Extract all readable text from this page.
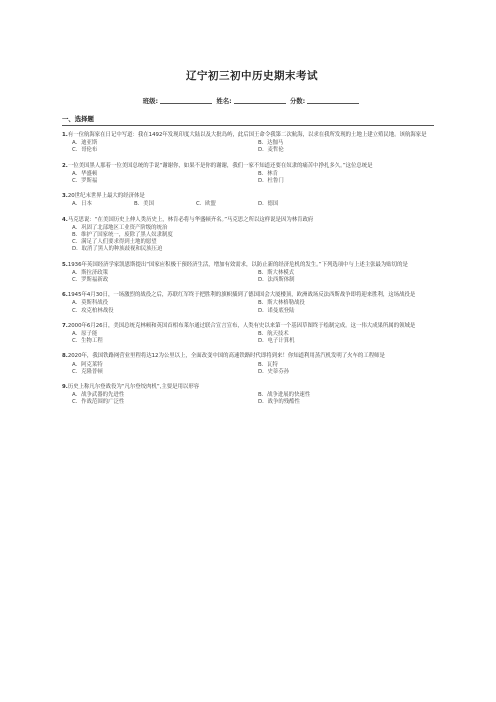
辽宁初三初中历史期末考试
班级:	姓名:	分数:
一、选择题
1.有一位航海家在日记中写道：我在1492年发现印度大陆以及大批岛屿，此后国王命令我第二次航海，以求在我所发现的土地上建立殖民地。该航海家是
A．迪亚斯	B．达伽马
C．哥伦布	D．麦哲伦
2.一位美国黑人那着一位美国总统的手说“谢谢你，如果不是你的谢谢，我们一家不知道还要在奴隶的痛苦中挣扎多久。”这位总统是
A．华盛顿	B．林肯
C．罗斯福	D．杜鲁门
3.20世纪末世界上最大的经济体是
A．日本	B．美国	C．欧盟	D．德国
4.马克思说：“在美国历史上伸人类历史上，林肯必将与华盛顿齐名。”马克思之所以这样说是因为林肯政府
A．巩固了北部地区工业资产阶级的统治
B．维护了国家统一，废除了黑人奴隶制度
C．满足了人们要求得到土地的愿望
D．取消了黑人的种族歧视和民族压迫
5.1936年英国经济学家凯恩斯提出“国家应积极干预经济生活，增加有效需求，以防止新的经济危机的发生。”下列选项中与上述主张最为贴切的是
A．斯拉济政策	B．斯大林模式
C．罗斯福新政	D．法西斯体制
6.1945年4月30日，一场激烈的战役之后，苏联红军终于把胜利的旗帜插到了德国国会大厦楼顶，欧洲战场反法西斯战争即将迎来胜利，这场战役是
A．莫斯科战役	B．斯大林格勒战役
C．攻克柏林战役	D．诺曼底登陆
7.2000年6月26日，美国总统克林顿和英国首相布莱尔通过联合宣言宣布，人类有史以来第一个基因草图终于绘制完成。这一伟大成果所属的领域是
A．原子能	B．航天技术
C．生物工程	D．电子计算机
8.2020年，我国铁路网营业里程将达12为公里以上，全面改变中国的高速铁路时代即将到来！你知道利用蒸汽机发明了火车的工程师是
A．阿克莱特	B．瓦特
C．克隆普顿	D．史蒂芬孙
9.历史上称凡尔登战役为“凡尔登绞肉机”,主要是用以形容
A．战争武器的先进性	B．战争进展的快速性
C．作战范围的广泛性	D．战争的残酷性
